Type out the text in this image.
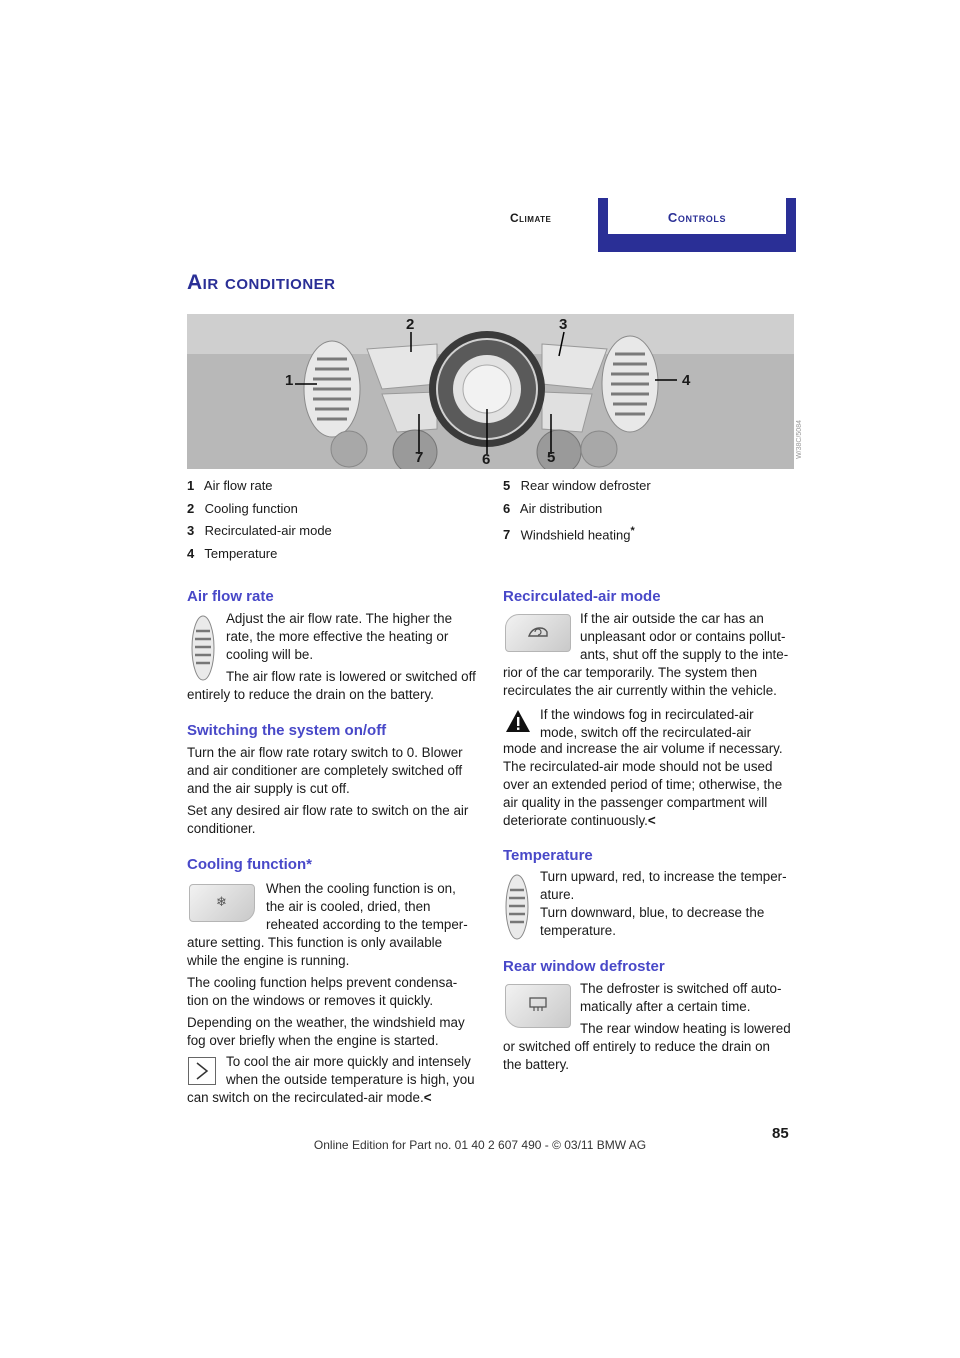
Climate	Controls
Air conditioner
1
2	3
4
5
6
7	W/38C/5084
1 Air flow rate
2 Cooling function
3 Recirculated-air mode
4 Temperature
5 Rear window defroster
6 Air distribution
7 Windshield heating*
Air flow rate
Adjust the air flow rate. The higher the
rate, the more effective the heating or
cooling will be.
The air flow rate is lowered or switched off
entirely to reduce the drain on the battery.
Switching the system on/off
Turn the air flow rate rotary switch to 0. Blower
and air conditioner are completely switched off
and the air supply is cut off.
Set any desired air flow rate to switch on the air
conditioner.
Cooling function*
❄
When the cooling function is on,
the air is cooled, dried, then
reheated according to the temper-
ature setting. This function is only available
while the engine is running.
The cooling function helps prevent condensa-
tion on the windows or removes it quickly.
Depending on the weather, the windshield may
fog over briefly when the engine is started.
To cool the air more quickly and intensely
when the outside temperature is high, you
can switch on the recirculated-air mode.<
Recirculated-air mode
If the air outside the car has an
unpleasant odor or contains pollut-
ants, shut off the supply to the inte-
rior of the car temporarily. The system then
recirculates the air currently within the vehicle.
If the windows fog in recirculated-air
mode, switch off the recirculated-air
mode and increase the air volume if necessary.
The recirculated-air mode should not be used
over an extended period of time; otherwise, the
air quality in the passenger compartment will
deteriorate continuously.<
Temperature
Turn upward, red, to increase the temper-
ature.
Turn downward, blue, to decrease the
temperature.
Rear window defroster
The defroster is switched off auto-
matically after a certain time.
The rear window heating is lowered
or switched off entirely to reduce the drain on
the battery.
85
Online Edition for Part no. 01 40 2 607 490 - © 03/11 BMW AG
